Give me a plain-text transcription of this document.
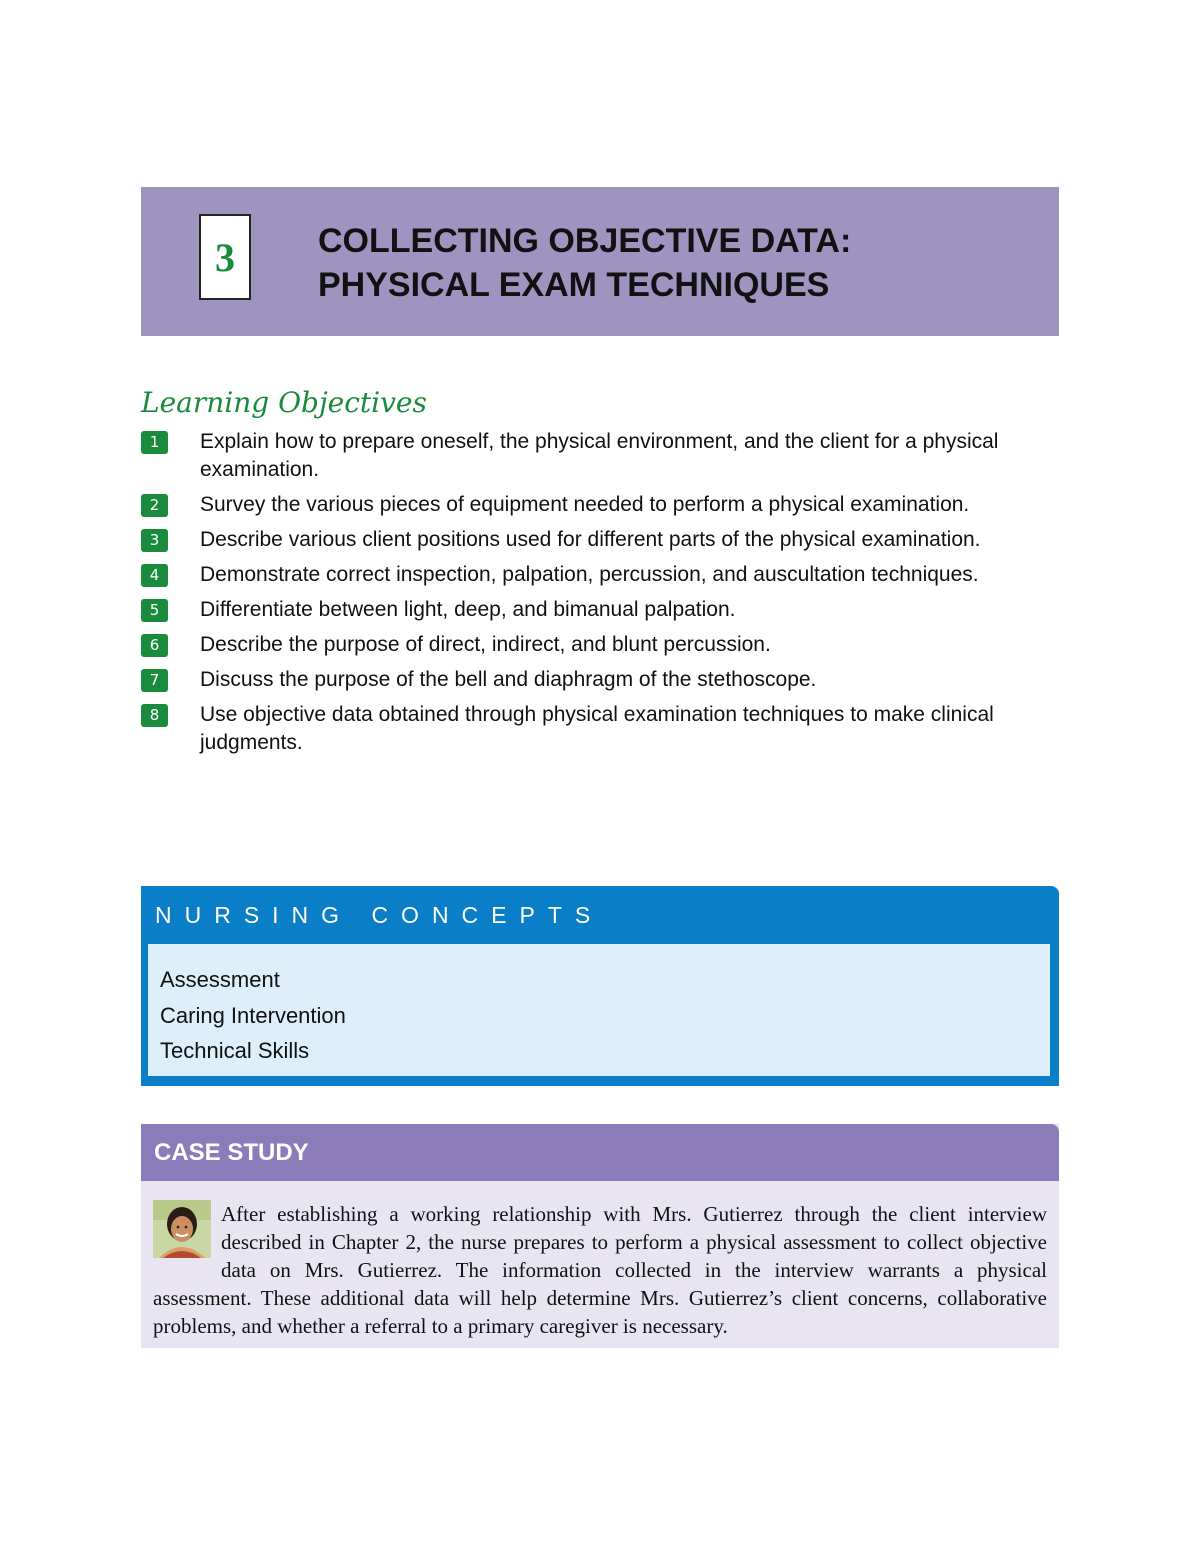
3	COLLECTING OBJECTIVE DATA:
PHYSICAL EXAM TECHNIQUES
Learning Objectives
1	Explain how to prepare oneself, the physical environment, and the client for a physical examination.
2	Survey the various pieces of equipment needed to perform a physical examination.
3	Describe various client positions used for different parts of the physical examination.
4	Demonstrate correct inspection, palpation, percussion, and auscultation techniques.
5	Differentiate between light, deep, and bimanual palpation.
6	Describe the purpose of direct, indirect, and blunt percussion.
7	Discuss the purpose of the bell and diaphragm of the stethoscope.
8	Use objective data obtained through physical examination techniques to make clinical judgments.
NURSING CONCEPTS
Assessment
Caring Intervention
Technical Skills
CASE STUDY
After establishing a working relationship with Mrs. Gutierrez through the client interview described in Chapter 2, the nurse prepares to perform a physical assessment to collect objective data on Mrs. Gutierrez. The information collected in the interview warrants a physical assessment. These additional data will help determine Mrs. Gutierrez’s client concerns, collaborative problems, and whether a referral to a primary caregiver is necessary.
